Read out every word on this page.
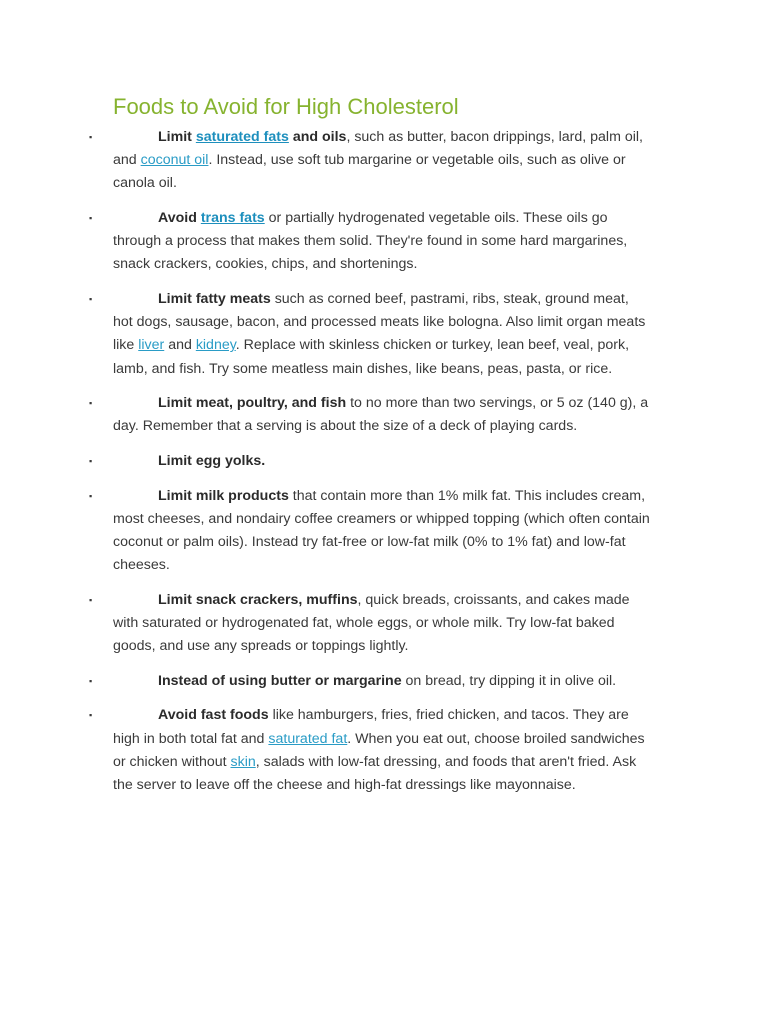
Foods to Avoid for High Cholesterol
▪	Limit saturated fats and oils, such as butter, bacon drippings, lard, palm oil, and coconut oil. Instead, use soft tub margarine or vegetable oils, such as olive or canola oil.
▪	Avoid trans fats or partially hydrogenated vegetable oils. These oils go through a process that makes them solid. They're found in some hard margarines, snack crackers, cookies, chips, and shortenings.
▪	Limit fatty meats such as corned beef, pastrami, ribs, steak, ground meat, hot dogs, sausage, bacon, and processed meats like bologna. Also limit organ meats like liver and kidney. Replace with skinless chicken or turkey, lean beef, veal, pork, lamb, and fish. Try some meatless main dishes, like beans, peas, pasta, or rice.
▪	Limit meat, poultry, and fish to no more than two servings, or 5 oz (140 g), a day. Remember that a serving is about the size of a deck of playing cards.
▪	Limit egg yolks.
▪	Limit milk products that contain more than 1% milk fat. This includes cream, most cheeses, and nondairy coffee creamers or whipped topping (which often contain coconut or palm oils). Instead try fat-free or low-fat milk (0% to 1% fat) and low-fat cheeses.
▪	Limit snack crackers, muffins, quick breads, croissants, and cakes made with saturated or hydrogenated fat, whole eggs, or whole milk. Try low-fat baked goods, and use any spreads or toppings lightly.
▪	Instead of using butter or margarine on bread, try dipping it in olive oil.
▪	Avoid fast foods like hamburgers, fries, fried chicken, and tacos. They are high in both total fat and saturated fat. When you eat out, choose broiled sandwiches or chicken without skin, salads with low-fat dressing, and foods that aren't fried. Ask the server to leave off the cheese and high-fat dressings like mayonnaise.
